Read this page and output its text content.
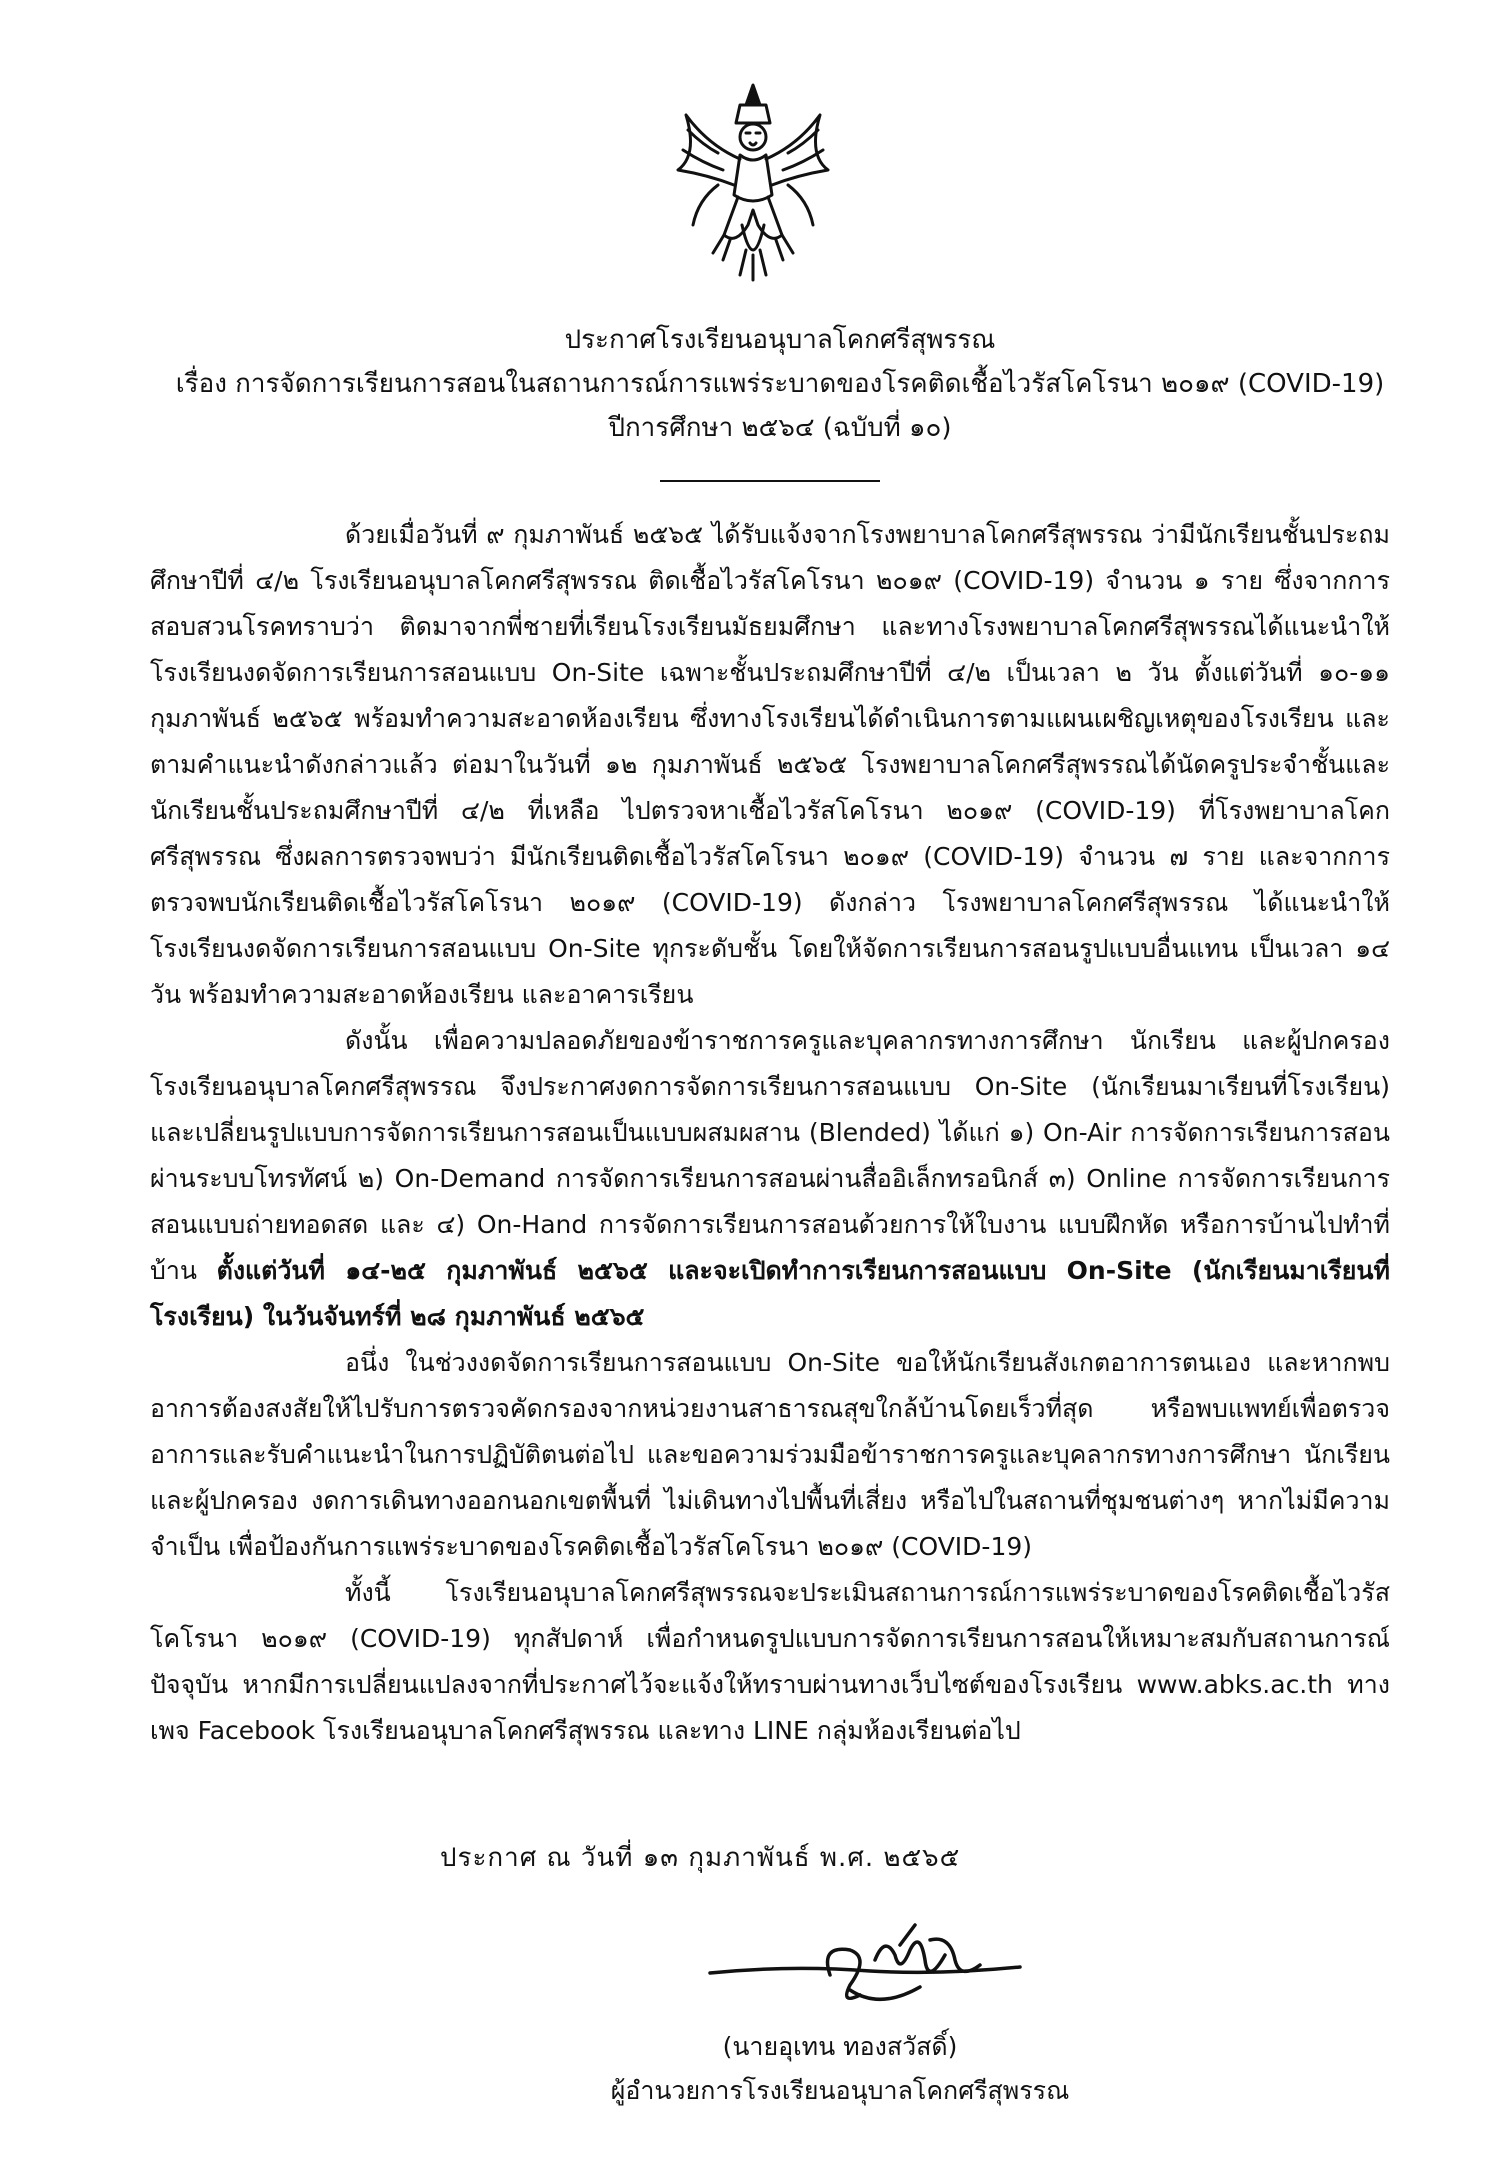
ประกาศโรงเรียนอนุบาลโคกศรีสุพรรณ
เรื่อง การจัดการเรียนการสอนในสถานการณ์การแพร่ระบาดของโรคติดเชื้อไวรัสโคโรนา ๒๐๑๙ (COVID-19)
ปีการศึกษา ๒๕๖๔ (ฉบับที่ ๑๐)

ด้วยเมื่อวันที่ ๙ กุมภาพันธ์ ๒๕๖๕ ได้รับแจ้งจากโรงพยาบาลโคกศรีสุพรรณ ว่ามีนักเรียนชั้นประถมศึกษาปีที่ ๔/๒ โรงเรียนอนุบาลโคกศรีสุพรรณ ติดเชื้อไวรัสโคโรนา ๒๐๑๙ (COVID-19) จำนวน ๑ ราย ซึ่งจากการสอบสวนโรคทราบว่า ติดมาจากพี่ชายที่เรียนโรงเรียนมัธยมศึกษา และทางโรงพยาบาลโคกศรีสุพรรณได้แนะนำให้โรงเรียนงดจัดการเรียนการสอนแบบ On-Site เฉพาะชั้นประถมศึกษาปีที่ ๔/๒ เป็นเวลา ๒ วัน ตั้งแต่วันที่ ๑๐-๑๑ กุมภาพันธ์ ๒๕๖๕ พร้อมทำความสะอาดห้องเรียน ซึ่งทางโรงเรียนได้ดำเนินการตามแผนเผชิญเหตุของโรงเรียน และตามคำแนะนำดังกล่าวแล้ว ต่อมาในวันที่ ๑๒ กุมภาพันธ์ ๒๕๖๕ โรงพยาบาลโคกศรีสุพรรณได้นัดครูประจำชั้นและนักเรียนชั้นประถมศึกษาปีที่ ๔/๒ ที่เหลือ ไปตรวจหาเชื้อไวรัสโคโรนา ๒๐๑๙ (COVID-19) ที่โรงพยาบาลโคกศรีสุพรรณ ซึ่งผลการตรวจพบว่า มีนักเรียนติดเชื้อไวรัสโคโรนา ๒๐๑๙ (COVID-19) จำนวน ๗ ราย และจากการตรวจพบนักเรียนติดเชื้อไวรัสโคโรนา ๒๐๑๙ (COVID-19) ดังกล่าว โรงพยาบาลโคกศรีสุพรรณ ได้แนะนำให้โรงเรียนงดจัดการเรียนการสอนแบบ On-Site ทุกระดับชั้น โดยให้จัดการเรียนการสอนรูปแบบอื่นแทน เป็นเวลา ๑๔ วัน พร้อมทำความสะอาดห้องเรียน และอาคารเรียน

ดังนั้น เพื่อความปลอดภัยของข้าราชการครูและบุคลากรทางการศึกษา นักเรียน และผู้ปกครอง โรงเรียนอนุบาลโคกศรีสุพรรณ จึงประกาศงดการจัดการเรียนการสอนแบบ On-Site (นักเรียนมาเรียนที่โรงเรียน) และเปลี่ยนรูปแบบการจัดการเรียนการสอนเป็นแบบผสมผสาน (Blended) ได้แก่ ๑) On-Air การจัดการเรียนการสอนผ่านระบบโทรทัศน์ ๒) On-Demand การจัดการเรียนการสอนผ่านสื่ออิเล็กทรอนิกส์ ๓) Online การจัดการเรียนการสอนแบบถ่ายทอดสด และ ๔) On-Hand การจัดการเรียนการสอนด้วยการให้ใบงาน แบบฝึกหัด หรือการบ้านไปทำที่บ้าน ตั้งแต่วันที่ ๑๔-๒๕ กุมภาพันธ์ ๒๕๖๕ และจะเปิดทำการเรียนการสอนแบบ On-Site (นักเรียนมาเรียนที่โรงเรียน) ในวันจันทร์ที่ ๒๘ กุมภาพันธ์ ๒๕๖๕

อนึ่ง ในช่วงงดจัดการเรียนการสอนแบบ On-Site ขอให้นักเรียนสังเกตอาการตนเอง และหากพบอาการต้องสงสัยให้ไปรับการตรวจคัดกรองจากหน่วยงานสาธารณสุขใกล้บ้านโดยเร็วที่สุด หรือพบแพทย์เพื่อตรวจอาการและรับคำแนะนำในการปฏิบัติตนต่อไป และขอความร่วมมือข้าราชการครูและบุคลากรทางการศึกษา นักเรียน และผู้ปกครอง งดการเดินทางออกนอกเขตพื้นที่ ไม่เดินทางไปพื้นที่เสี่ยง หรือไปในสถานที่ชุมชนต่างๆ หากไม่มีความจำเป็น เพื่อป้องกันการแพร่ระบาดของโรคติดเชื้อไวรัสโคโรนา ๒๐๑๙ (COVID-19)

ทั้งนี้ โรงเรียนอนุบาลโคกศรีสุพรรณจะประเมินสถานการณ์การแพร่ระบาดของโรคติดเชื้อไวรัสโคโรนา ๒๐๑๙ (COVID-19) ทุกสัปดาห์ เพื่อกำหนดรูปแบบการจัดการเรียนการสอนให้เหมาะสมกับสถานการณ์ปัจจุบัน หากมีการเปลี่ยนแปลงจากที่ประกาศไว้จะแจ้งให้ทราบผ่านทางเว็บไซต์ของโรงเรียน www.abks.ac.th ทางเพจ Facebook โรงเรียนอนุบาลโคกศรีสุพรรณ และทาง LINE กลุ่มห้องเรียนต่อไป

ประกาศ ณ วันที่ ๑๓ กุมภาพันธ์ พ.ศ. ๒๕๖๕
(นายอุเทน ทองสวัสดิ์)
ผู้อำนวยการโรงเรียนอนุบาลโคกศรีสุพรรณ
